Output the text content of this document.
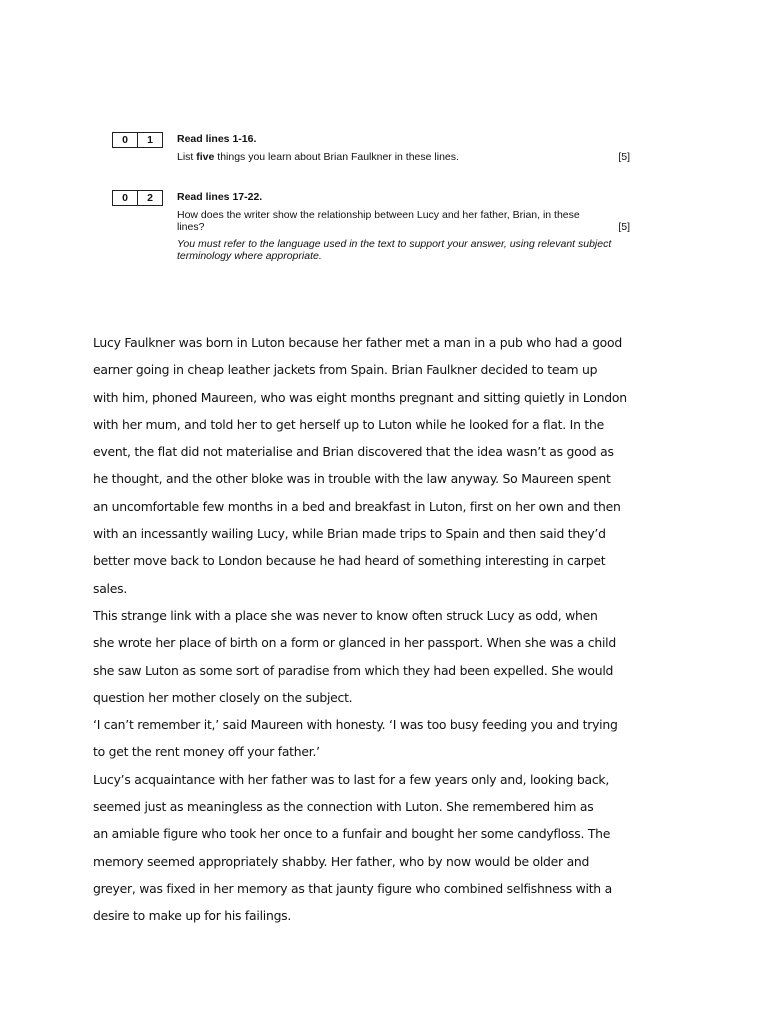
0	1	Read lines 1-16.
List five things you learn about Brian Faulkner in these lines.	[5]
0	2	Read lines 17-22.
How does the writer show the relationship between Lucy and her father, Brian, in these lines?	[5]
You must refer to the language used in the text to support your answer, using relevant subject terminology where appropriate.
Lucy Faulkner was born in Luton because her father met a man in a pub who had a good
earner going in cheap leather jackets from Spain. Brian Faulkner decided to team up
with him, phoned Maureen, who was eight months pregnant and sitting quietly in London
with her mum, and told her to get herself up to Luton while he looked for a flat. In the
event, the flat did not materialise and Brian discovered that the idea wasn’t as good as
he thought, and the other bloke was in trouble with the law anyway. So Maureen spent
an uncomfortable few months in a bed and breakfast in Luton, first on her own and then
with an incessantly wailing Lucy, while Brian made trips to Spain and then said they’d
better move back to London because he had heard of something interesting in carpet
sales.
This strange link with a place she was never to know often struck Lucy as odd, when
she wrote her place of birth on a form or glanced in her passport. When she was a child
she saw Luton as some sort of paradise from which they had been expelled. She would
question her mother closely on the subject.
‘I can’t remember it,’ said Maureen with honesty. ‘I was too busy feeding you and trying
to get the rent money off your father.’
Lucy’s acquaintance with her father was to last for a few years only and, looking back,
seemed just as meaningless as the connection with Luton. She remembered him as
an amiable figure who took her once to a funfair and bought her some candyfloss. The
memory seemed appropriately shabby. Her father, who by now would be older and
greyer, was fixed in her memory as that jaunty figure who combined selfishness with a
desire to make up for his failings.
